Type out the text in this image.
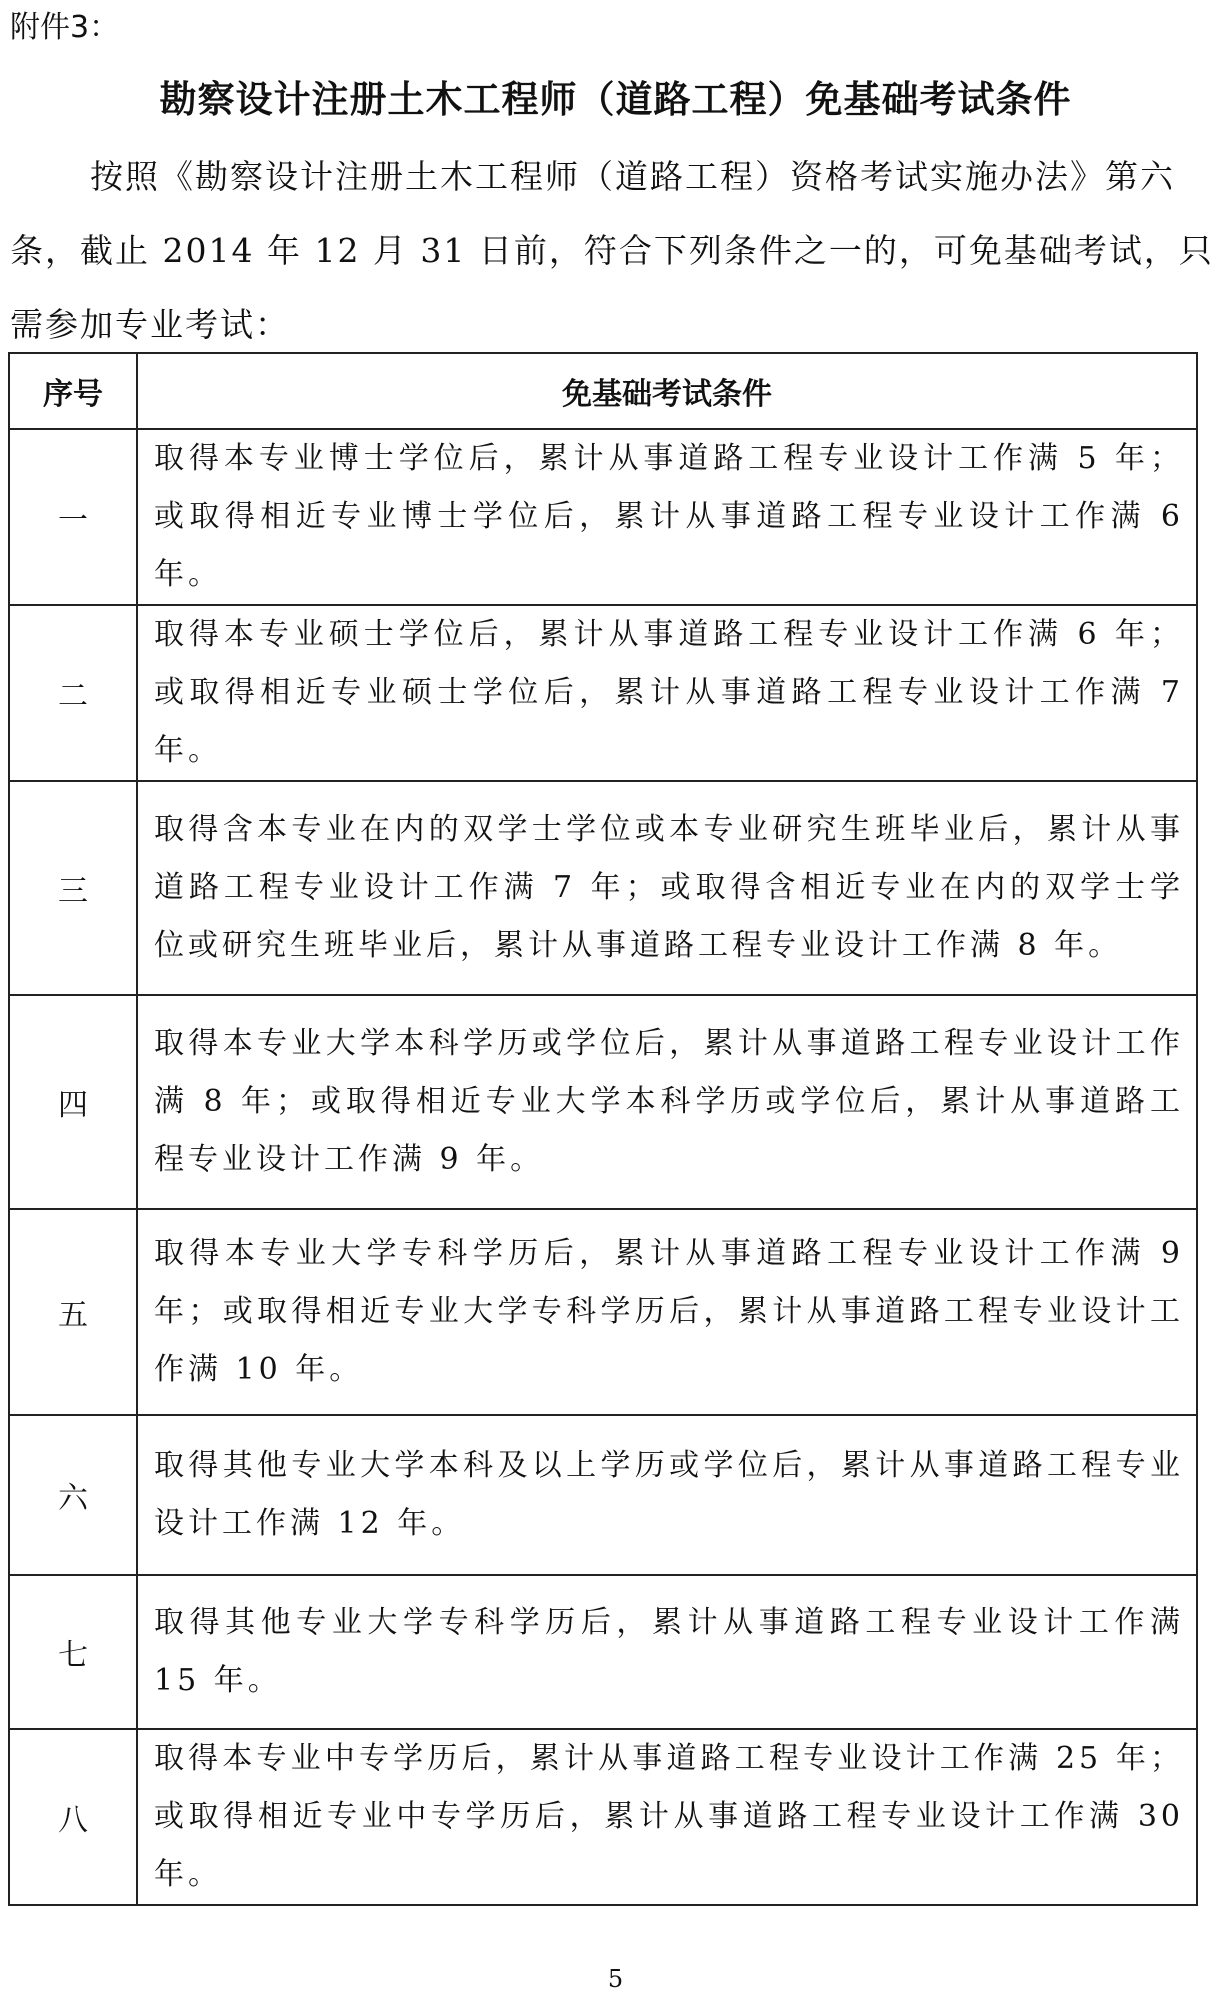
附件3：
勘察设计注册土木工程师（道路工程）免基础考试条件

按照《勘察设计注册土木工程师（道路工程）资格考试实施办法》第六条，截止 2014 年 12 月 31 日前，符合下列条件之一的，可免基础考试，只需参加专业考试：

序号	免基础考试条件
一	取得本专业博士学位后，累计从事道路工程专业设计工作满 5 年；或取得相近专业博士学位后，累计从事道路工程专业设计工作满 6 年。
二	取得本专业硕士学位后，累计从事道路工程专业设计工作满 6 年；或取得相近专业硕士学位后，累计从事道路工程专业设计工作满 7 年。
三	取得含本专业在内的双学士学位或本专业研究生班毕业后，累计从事道路工程专业设计工作满 7 年；或取得含相近专业在内的双学士学位或研究生班毕业后，累计从事道路工程专业设计工作满 8 年。
四	取得本专业大学本科学历或学位后，累计从事道路工程专业设计工作满 8 年；或取得相近专业大学本科学历或学位后，累计从事道路工程专业设计工作满 9 年。
五	取得本专业大学专科学历后，累计从事道路工程专业设计工作满 9 年；或取得相近专业大学专科学历后，累计从事道路工程专业设计工作满 10 年。
六	取得其他专业大学本科及以上学历或学位后，累计从事道路工程专业设计工作满 12 年。
七	取得其他专业大学专科学历后，累计从事道路工程专业设计工作满 15 年。
八	取得本专业中专学历后，累计从事道路工程专业设计工作满 25 年；或取得相近专业中专学历后，累计从事道路工程专业设计工作满 30 年。
5
